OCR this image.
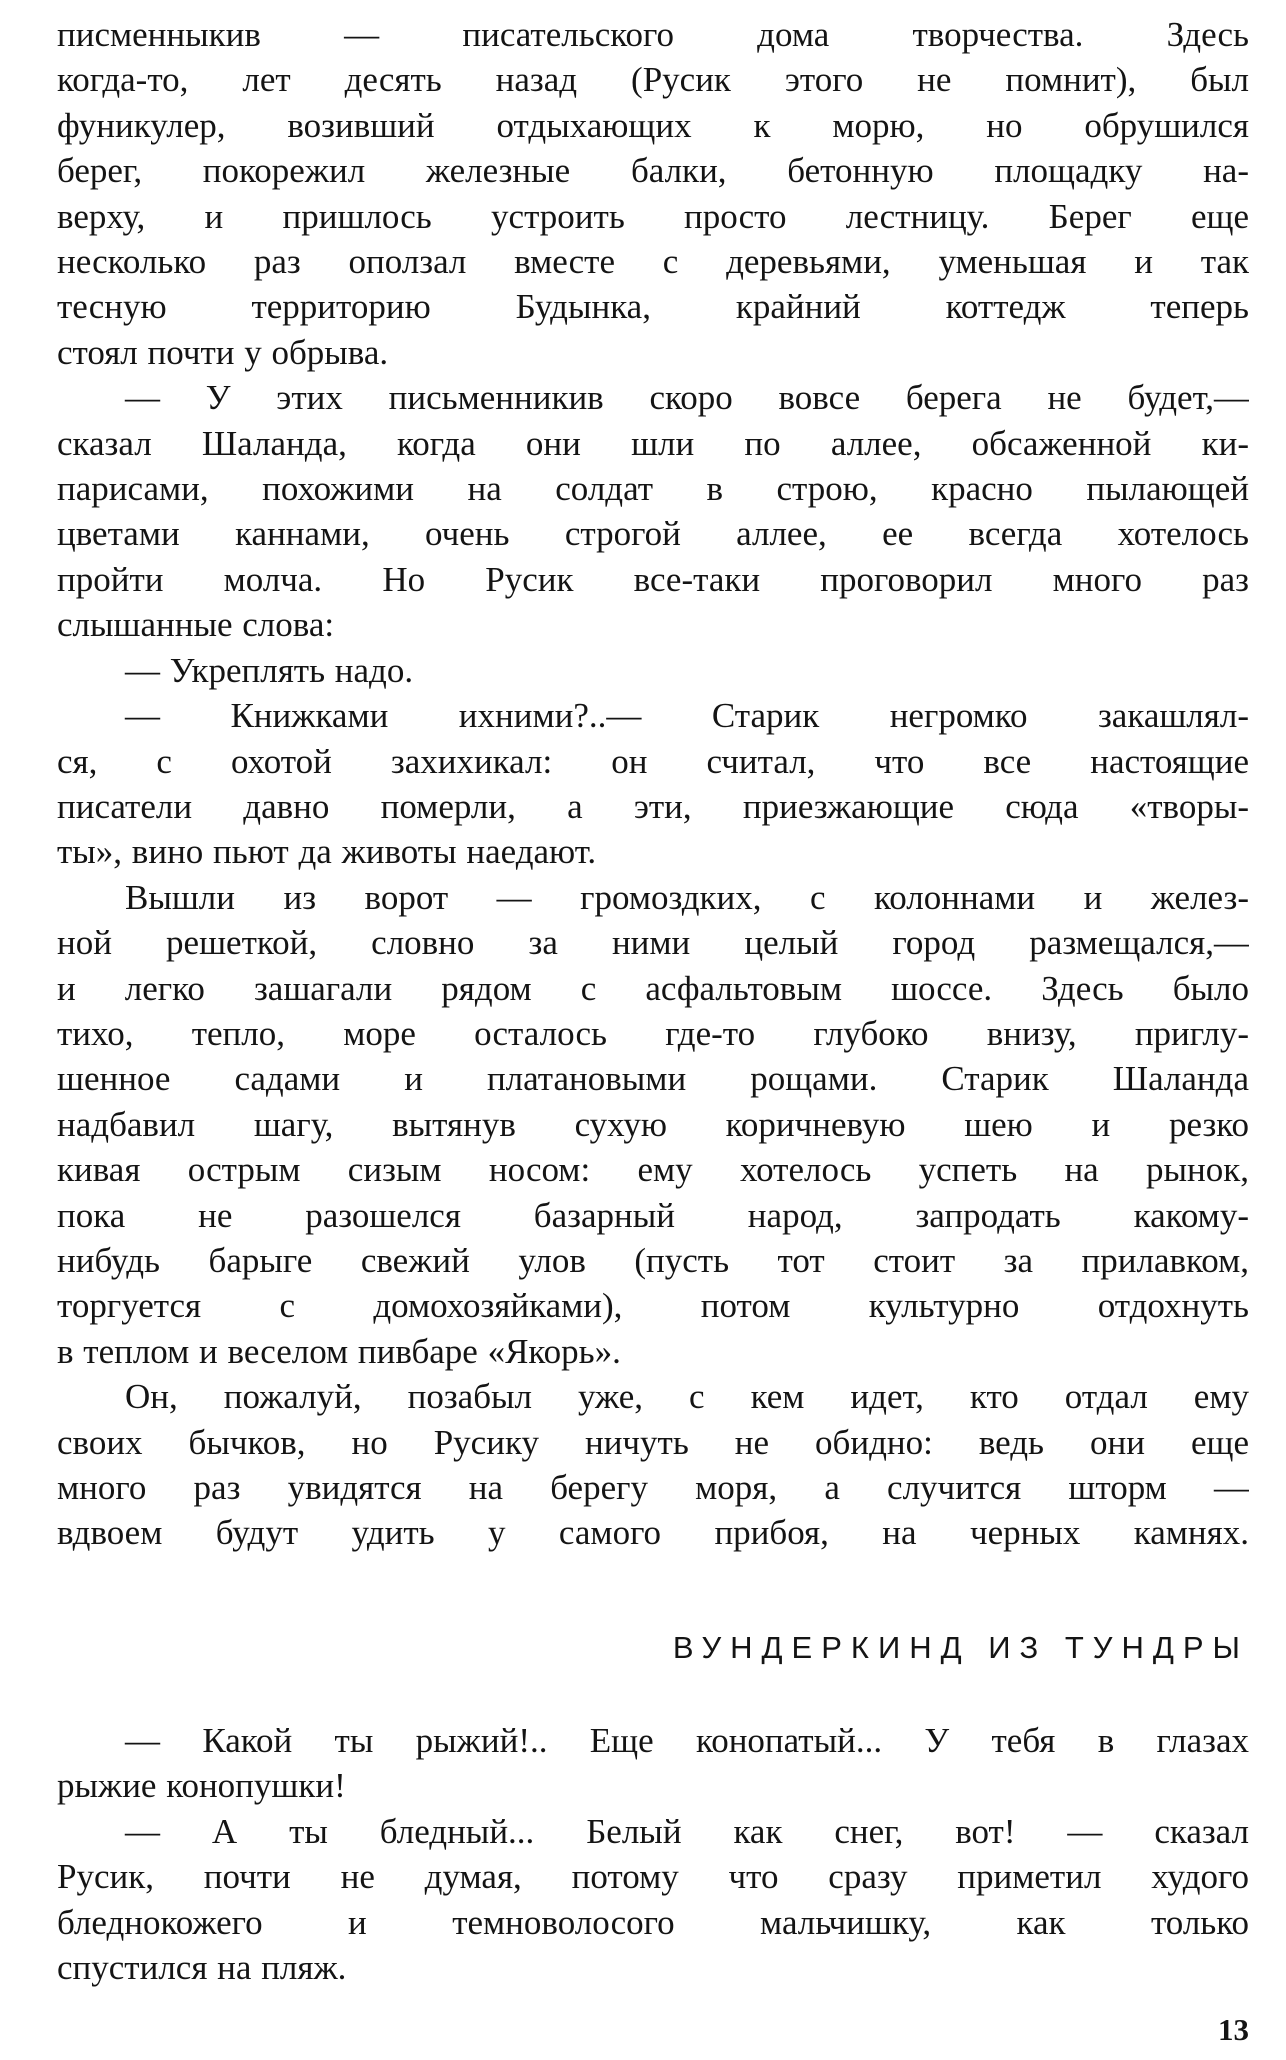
писменныкив — писательского дома творчества. Здесь
когда-то, лет десять назад (Русик этого не помнит), был
фуникулер, возивший отдыхающих к морю, но обрушился
берег, покорежил железные балки, бетонную площадку на-
верху, и пришлось устроить просто лестницу. Берег еще
несколько раз оползал вместе с деревьями, уменьшая и так
тесную территорию Будынка, крайний коттедж теперь
стоял почти у обрыва.

— У этих письменникив скоро вовсе берега не будет,—
сказал Шаланда, когда они шли по аллее, обсаженной ки-
парисами, похожими на солдат в строю, красно пылающей
цветами каннами, очень строгой аллее, ее всегда хотелось
пройти молча. Но Русик все-таки проговорил много раз
слышанные слова:

— Укреплять надо.

— Книжками ихними?..— Старик негромко закашлял-
ся, с охотой захихикал: он считал, что все настоящие
писатели давно померли, а эти, приезжающие сюда «творы-
ты», вино пьют да животы наедают.

Вышли из ворот — громоздких, с колоннами и желез-
ной решеткой, словно за ними целый город размещался,—
и легко зашагали рядом с асфальтовым шоссе. Здесь было
тихо, тепло, море осталось где-то глубоко внизу, приглу-
шенное садами и платановыми рощами. Старик Шаланда
надбавил шагу, вытянув сухую коричневую шею и резко
кивая острым сизым носом: ему хотелось успеть на рынок,
пока не разошелся базарный народ, запродать какому-
нибудь барыге свежий улов (пусть тот стоит за прилавком,
торгуется с домохозяйками), потом культурно отдохнуть
в теплом и веселом пивбаре «Якорь».

Он, пожалуй, позабыл уже, с кем идет, кто отдал ему
своих бычков, но Русику ничуть не обидно: ведь они еще
много раз увидятся на берегу моря, а случится шторм —
вдвоем будут удить у самого прибоя, на черных камнях.

ВУНДЕРКИНД ИЗ ТУНДРЫ

— Какой ты рыжий!.. Еще конопатый... У тебя в глазах
рыжие конопушки!

— А ты бледный... Белый как снег, вот! — сказал
Русик, почти не думая, потому что сразу приметил худого
бледнокожего и темноволосого мальчишку, как только
спустился на пляж.

13
